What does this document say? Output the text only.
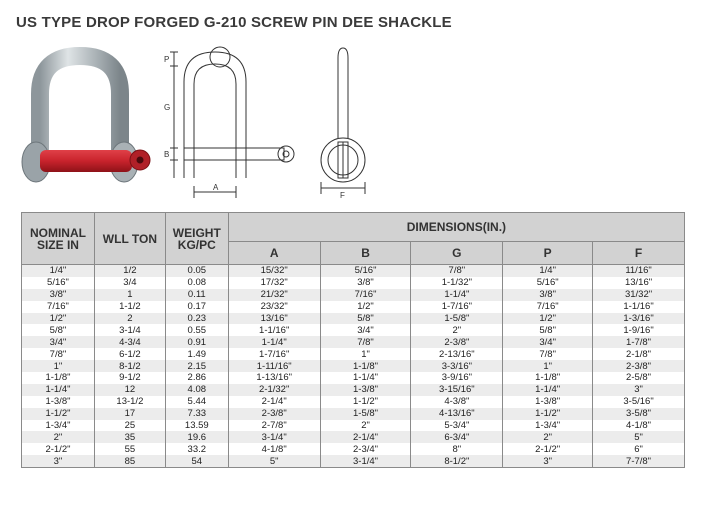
US TYPE DROP FORGED G-210 SCREW PIN DEE SHACKLE
P
G
B
A
F
NOMINAL SIZE IN	WLL TON	WEIGHT KG/PC	DIMENSIONS(IN.)				
			A	B	G	P	F
1/4"	1/2	0.05	15/32"	5/16"	7/8"	1/4"	11/16"
5/16"	3/4	0.08	17/32"	3/8"	1-1/32"	5/16"	13/16"
3/8"	1	0.11	21/32"	7/16"	1-1/4"	3/8"	31/32"
7/16"	1-1/2	0.17	23/32"	1/2"	1-7/16"	7/16"	1-1/16"
1/2"	2	0.23	13/16"	5/8"	1-5/8"	1/2"	1-3/16"
5/8"	3-1/4	0.55	1-1/16"	3/4"	2"	5/8"	1-9/16"
3/4"	4-3/4	0.91	1-1/4"	7/8"	2-3/8"	3/4"	1-7/8"
7/8"	6-1/2	1.49	1-7/16"	1"	2-13/16"	7/8"	2-1/8"
1"	8-1/2	2.15	1-11/16"	1-1/8"	3-3/16"	1"	2-3/8"
1-1/8"	9-1/2	2.86	1-13/16"	1-1/4"	3-9/16"	1-1/8"	2-5/8"
1-1/4"	12	4.08	2-1/32"	1-3/8"	3-15/16"	1-1/4"	3"
1-3/8"	13-1/2	5.44	2-1/4"	1-1/2"	4-3/8"	1-3/8"	3-5/16"
1-1/2"	17	7.33	2-3/8"	1-5/8"	4-13/16"	1-1/2"	3-5/8"
1-3/4"	25	13.59	2-7/8"	2"	5-3/4"	1-3/4"	4-1/8"
2"	35	19.6	3-1/4"	2-1/4"	6-3/4"	2"	5"
2-1/2"	55	33.2	4-1/8"	2-3/4"	8"	2-1/2"	6"
3"	85	54	5"	3-1/4"	8-1/2"	3"	7-7/8"
